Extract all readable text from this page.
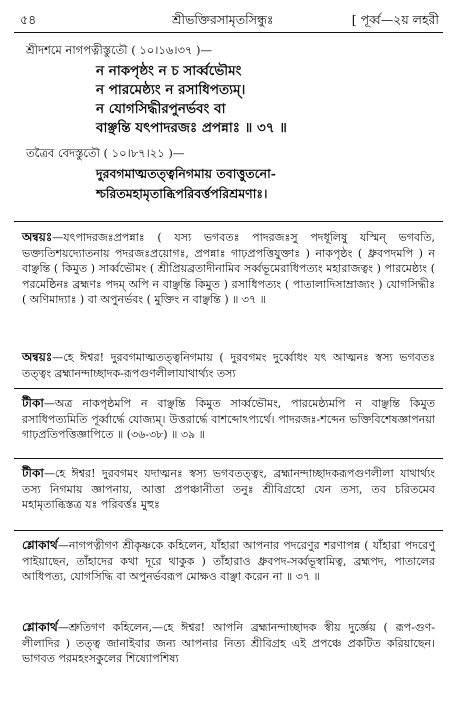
৫৪	শ্রীভক্তিরসামৃতসিন্ধুঃ	[ পূর্ব্ব—২য় লহরী
শ্রীদশমে নাগপত্নীস্তুতৌ ( ১০।১৬।৩৭ )—
ন নাকপৃষ্ঠং ন চ সার্ব্বভৌমং
ন পারমেষ্ঠ্যং ন রসাধিপত্যম্।
ন যোগসিদ্ধীরপুনর্ভবং বা
বাঞ্ছন্তি যৎপাদরজঃ প্রপন্নাঃ ॥ ৩৭ ॥
তত্রৈব বেদস্তুতৌ ( ১০।৮৭।২১ )—
দুরবগমাত্মতত্ত্বনিগমায় তবাত্তুতনো-
শ্চরিতমহামৃতাব্ধিপরিবর্ত্তপরিশ্রমণাঃ।
অন্বয়ঃ—যৎপাদরজঃপ্রপন্নাঃ ( যস্য ভগবতঃ পাদরজঃসু পদধূলিষু যস্মিন্ ভগবতি, ভক্ত্যতিশয়দ্যোতনায় পদরজঃপ্রয়োগঃ, প্রপন্নাঃ গাঢ়প্রপত্তিযুক্তাঃ ) নাকপৃষ্ঠং ( ধ্রুবপদমপি ) ন বাঞ্ছন্তি ( কিমুত ) সার্ব্বভৌমং ( শ্রীপ্রিয়ব্রতাদীনামিব সর্ব্বভূমেরাধিপত্যং মহারাজত্বং ) পারমেষ্ঠ্যং ( পরমেষ্ঠিনঃ ব্রহ্মণঃ পদম্ অপি ন বাঞ্ছন্তি কিমুত ) রসাধিপত্যং ( পাতালাদিসাম্রাজ্যং ) যোগসিদ্ধীঃ ( অণিমাদ্যাঃ ) বা অপুনর্ভবং ( মুক্তিং ন বাঞ্ছন্তি ) ॥ ৩৭ ॥
অন্বয়ঃ—হে ঈশ্বর! দুরবগমাত্মতত্ত্বনিগমায় ( দুরবগমং দুর্ব্বোধং যৎ আত্মনঃ স্বস্য ভগবতঃ তত্ত্বং ব্রহ্মানন্দাচ্ছাদক-রূপগুণলীলাযাথার্থ্যং তস্য
টীকা—অত্র নাকপৃষ্ঠমপি ন বাঞ্ছন্তি কিমুত সার্ব্বভৌমং, পারমেষ্ঠ্যমপি ন বাঞ্ছন্তি কিমুত রসাধিপত্যমিতি পূর্ব্বার্দ্ধে যোজ্যম্। উত্তরার্দ্ধে বাশব্দোঽপ্যর্থে। পাদরজঃ-শব্দেন ভক্তিবিশেষজ্ঞাপনয়া গাঢ়প্রতিপত্তিজ্ঞাপিতে ॥ (৩৬-৩৮) ॥ ৩৯ ॥
টীকা—হে ঈশ্বর! দুরবগমং যদাত্মনঃ স্বস্য ভগবতত্ত্বং, ব্রহ্মানন্দাচ্ছাদকরূপগুণলীলা যাথার্থ্যং তস্য নিগমায় জ্ঞাপনায়, আত্তা প্রপঞ্চানীতা তনুঃ শ্রীবিগ্রহো যেন তস্য, তব চরিতমেব মহামৃতাব্ধিস্তত্র যঃ পরিবর্ত্তঃ মুহুঃ
শ্লোকার্থ—নাগপত্নীগণ শ্রীকৃষ্ণকে কহিলেন, যাঁহারা আপনার পদরেণুর শরণাপন্ন ( যাঁহারা পদরেণু পাইয়াছেন, তাঁহাদের কথা দূরে থাকুক ) তাঁহারাও ধ্রুবপদ-সর্ব্বভূস্বামিত্ব, ব্রহ্মপদ, পাতালের আধিপত্য, যোগসিদ্ধি বা অপুনর্ভবরূপ মোক্ষও বাঞ্ছা করেন না ॥ ৩৭ ॥
শ্লোকার্থ—শ্রুতিগণ কহিলেন,—হে ঈশ্বর! আপনি ব্রহ্মানন্দাচ্ছাদক স্বীয় দুর্জ্ঞেয় ( রূপ-গুণ-লীলাদির ) তত্ত্ব জানাইবার জন্য আপনার নিত্য শ্রীবিগ্রহ এই প্রপঞ্চে প্রকটিত করিয়াছেন। ভাগবত পরমহংসকুলের শিষ্যোপশিষ্য
